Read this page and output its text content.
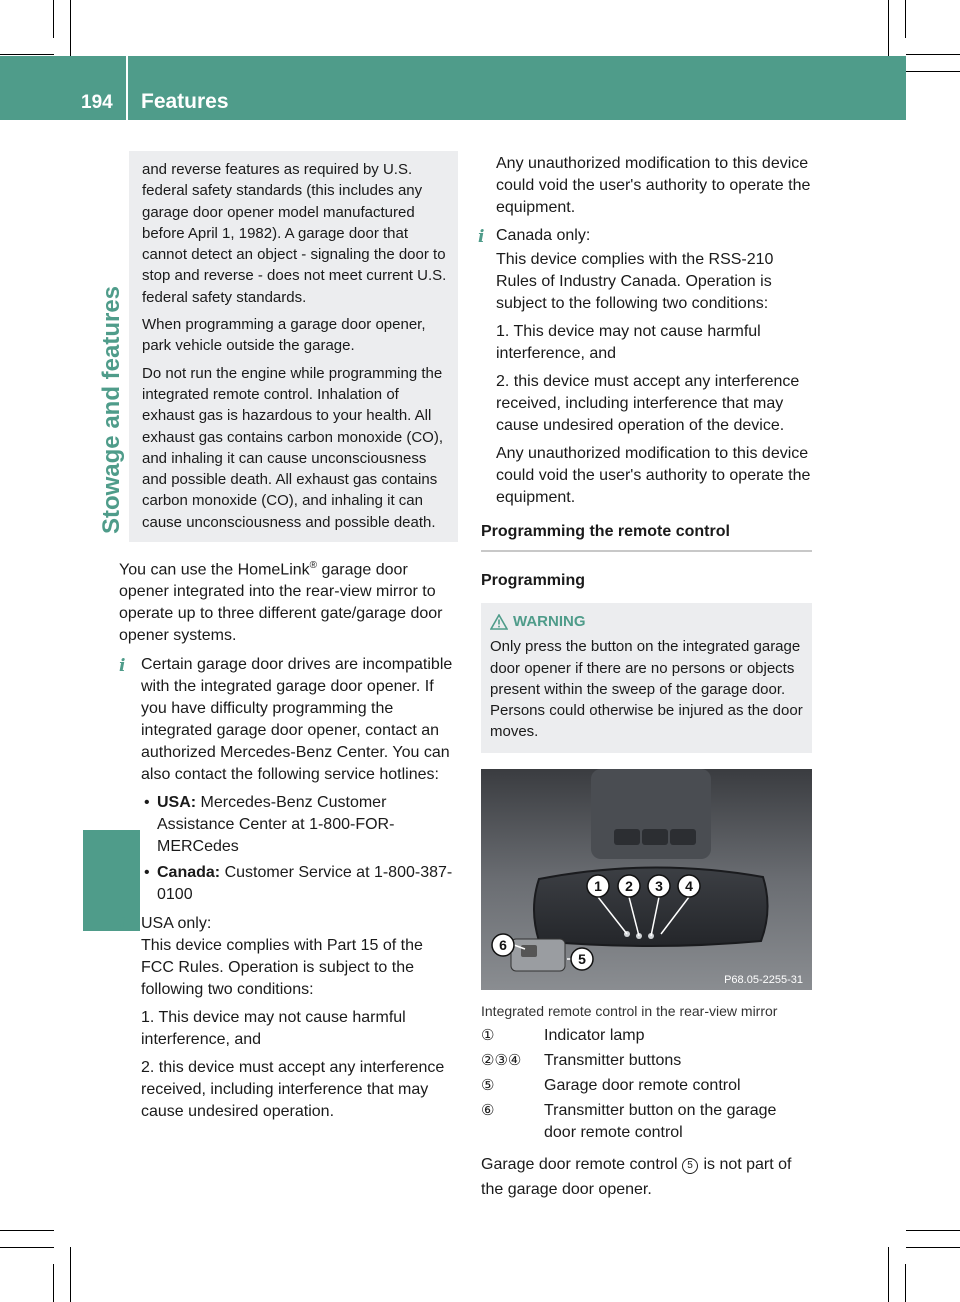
194 Features
Stowage and features

and reverse features as required by U.S. federal safety standards (this includes any garage door opener model manufactured before April 1, 1982). A garage door that cannot detect an object - signaling the door to stop and reverse - does not meet current U.S. federal safety standards.

When programming a garage door opener, park vehicle outside the garage.

Do not run the engine while programming the integrated remote control. Inhalation of exhaust gas is hazardous to your health. All exhaust gas contains carbon monoxide (CO), and inhaling it can cause unconsciousness and possible death. All exhaust gas contains carbon monoxide (CO), and inhaling it can cause unconsciousness and possible death.

You can use the HomeLink® garage door opener integrated into the rear-view mirror to operate up to three different gate/garage door opener systems.

i Certain garage door drives are incompatible with the integrated garage door opener. If you have difficulty programming the integrated garage door opener, contact an authorized Mercedes-Benz Center. You can also contact the following service hotlines:

• USA: Mercedes-Benz Customer Assistance Center at 1-800-FOR-MERCedes
• Canada: Customer Service at 1-800-387-0100
i USA only:

This device complies with Part 15 of the FCC Rules. Operation is subject to the following two conditions:

1. This device may not cause harmful interference, and

2. this device must accept any interference received, including interference that may cause undesired operation.

Any unauthorized modification to this device could void the user's authority to operate the equipment.

i Canada only:

This device complies with the RSS-210 Rules of Industry Canada. Operation is subject to the following two conditions:

1. This device may not cause harmful interference, and

2. this device must accept any interference received, including interference that may cause undesired operation of the device.

Any unauthorized modification to this device could void the user's authority to operate the equipment.

Programming the remote control
Programming

WARNING

Only press the button on the integrated garage door opener if there are no persons or objects present within the sweep of the garage door. Persons could otherwise be injured as the door moves.

1 2 3 4
6
5
P68.05-2255-31

Integrated remote control in the rear-view mirror

①	Indicator lamp
②③④	Transmitter buttons
⑤	Garage door remote control
⑥	Transmitter button on the garage door remote control

Garage door remote control 5 is not part of the garage door opener.
